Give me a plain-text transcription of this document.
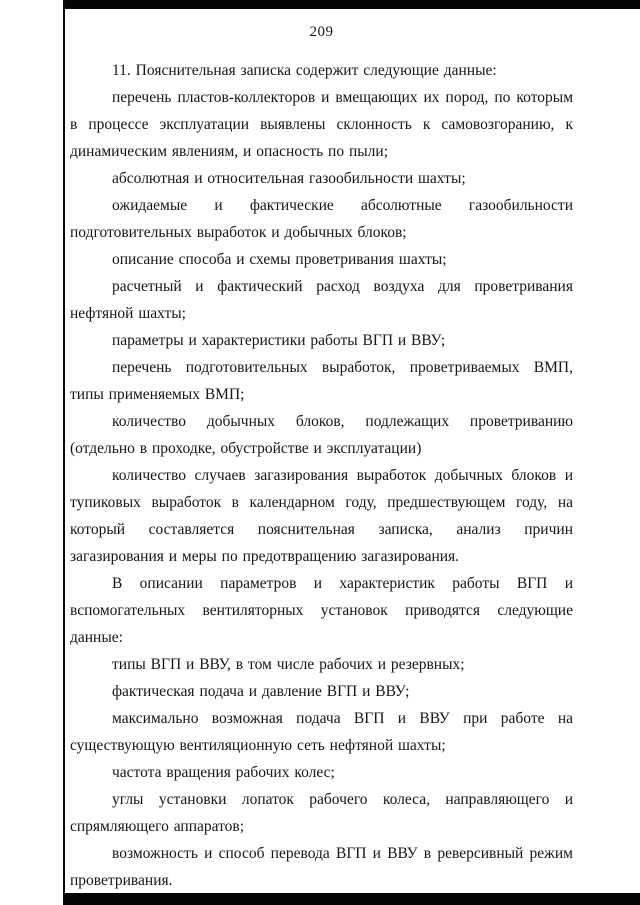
209

11. Пояснительная записка содержит следующие данные:

перечень пластов-коллекторов и вмещающих их пород, по которым в процессе эксплуатации выявлены склонность к самовозгоранию, к динамическим явлениям, и опасность по пыли;

абсолютная и относительная газообильности шахты;

ожидаемые и фактические абсолютные газообильности подготовительных выработок и добычных блоков;

описание способа и схемы проветривания шахты;

расчетный и фактический расход воздуха для проветривания нефтяной шахты;

параметры и характеристики работы ВГП и ВВУ;

перечень подготовительных выработок, проветриваемых ВМП, типы применяемых ВМП;

количество добычных блоков, подлежащих проветриванию (отдельно в проходке, обустройстве и эксплуатации)

количество случаев загазирования выработок добычных блоков и тупиковых выработок в календарном году, предшествующем году, на который составляется пояснительная записка, анализ причин загазирования и меры по предотвращению загазирования.

В описании параметров и характеристик работы ВГП и вспомогательных вентиляторных установок приводятся следующие данные:

типы ВГП и ВВУ, в том числе рабочих и резервных;

фактическая подача и давление ВГП и ВВУ;

максимально возможная подача ВГП и ВВУ при работе на существующую вентиляционную сеть нефтяной шахты;

частота вращения рабочих колес;

углы установки лопаток рабочего колеса, направляющего и спрямляющего аппаратов;

возможность и способ перевода ВГП и ВВУ в реверсивный режим проветривания.
